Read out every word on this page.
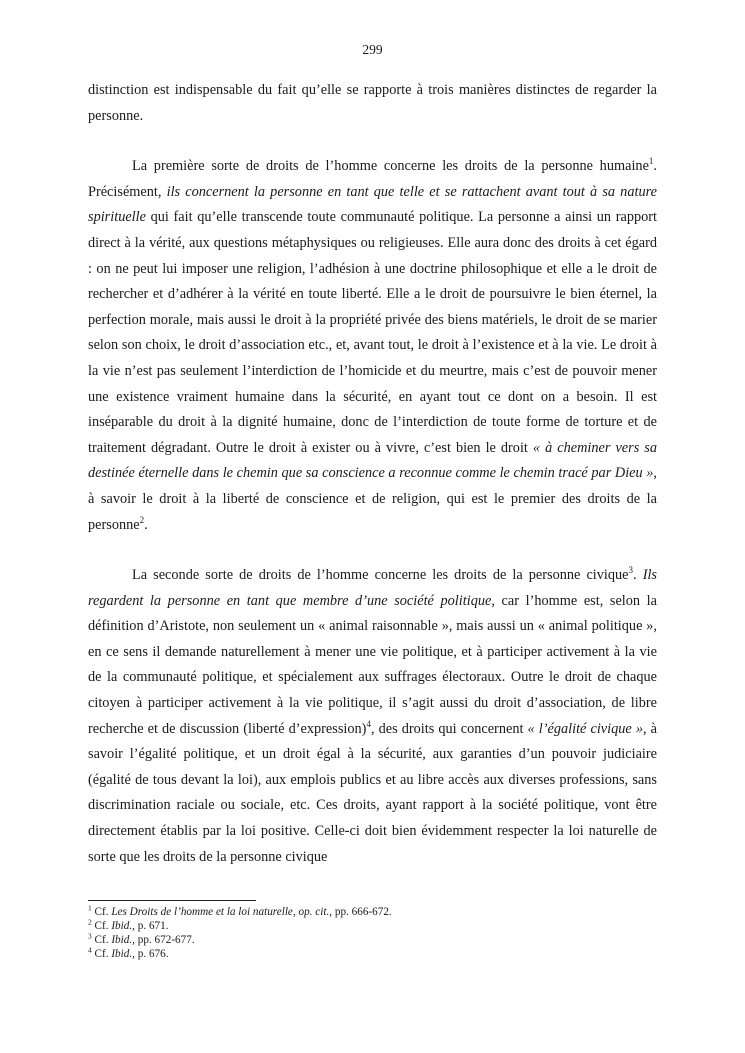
299

distinction est indispensable du fait qu’elle se rapporte à trois manières distinctes de regarder la personne.

La première sorte de droits de l’homme concerne les droits de la personne humaine$^1$. Précisément, ils concernent la personne en tant que telle et se rattachent avant tout à sa nature spirituelle qui fait qu’elle transcende toute communauté politique. La personne a ainsi un rapport direct à la vérité, aux questions métaphysiques ou religieuses. Elle aura donc des droits à cet égard : on ne peut lui imposer une religion, l’adhésion à une doctrine philosophique et elle a le droit de rechercher et d’adhérer à la vérité en toute liberté. Elle a le droit de poursuivre le bien éternel, la perfection morale, mais aussi le droit à la propriété privée des biens matériels, le droit de se marier selon son choix, le droit d’association etc., et, avant tout, le droit à l’existence et à la vie. Le droit à la vie n’est pas seulement l’interdiction de l’homicide et du meurtre, mais c’est de pouvoir mener une existence vraiment humaine dans la sécurité, en ayant tout ce dont on a besoin. Il est inséparable du droit à la dignité humaine, donc de l’interdiction de toute forme de torture et de traitement dégradant. Outre le droit à exister ou à vivre, c’est bien le droit « à cheminer vers sa destinée éternelle dans le chemin que sa conscience a reconnue comme le chemin tracé par Dieu », à savoir le droit à la liberté de conscience et de religion, qui est le premier des droits de la personne$^2$.

La seconde sorte de droits de l’homme concerne les droits de la personne civique$^3$. Ils regardent la personne en tant que membre d’une société politique, car l’homme est, selon la définition d’Aristote, non seulement un « animal raisonnable », mais aussi un « animal politique », en ce sens il demande naturellement à mener une vie politique, et à participer activement à la vie de la communauté politique, et spécialement aux suffrages électoraux. Outre le droit de chaque citoyen à participer activement à la vie politique, il s’agit aussi du droit d’association, de libre recherche et de discussion (liberté d’expression)$^4$, des droits qui concernent « l’égalité civique », à savoir l’égalité politique, et un droit égal à la sécurité, aux garanties d’un pouvoir judiciaire (égalité de tous devant la loi), aux emplois publics et au libre accès aux diverses professions, sans discrimination raciale ou sociale, etc. Ces droits, ayant rapport à la société politique, vont être directement établis par la loi positive. Celle-ci doit bien évidemment respecter la loi naturelle de sorte que les droits de la personne civique

$^1$ Cf. Les Droits de l’homme et la loi naturelle, op. cit., pp. 666-672.
$^2$ Cf. Ibid., p. 671.
$^3$ Cf. Ibid., pp. 672-677.
$^4$ Cf. Ibid., p. 676.
